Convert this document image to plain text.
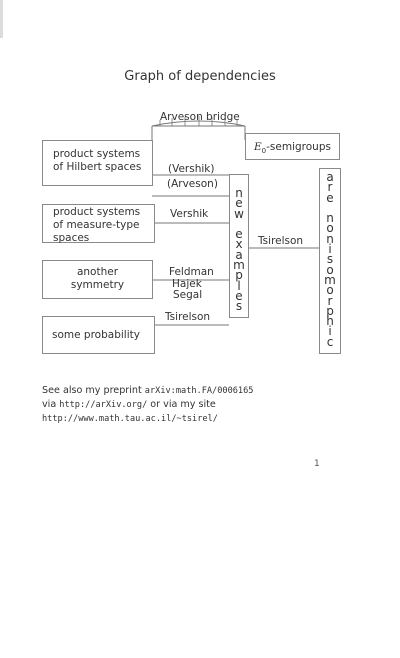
Graph of dependencies
product systems
of Hilbert spaces
$E_0$-semigroups
product systems
of measure-type
spaces
another
symmetry
some probability
(Vershik)
(Arveson)
Arveson bridge
Vershik
Feldman
Hajek
Segal
Tsirelson
Tsirelson
n
e
w

e
x
a
m
p
l
e
s
a
r
e

n
o
n
i
s
o
m
o
r
p
h
i
c
See also my preprint arXiv:math.FA/0006165
via http://arXiv.org/ or via my site
http://www.math.tau.ac.il/~tsirel/
1
